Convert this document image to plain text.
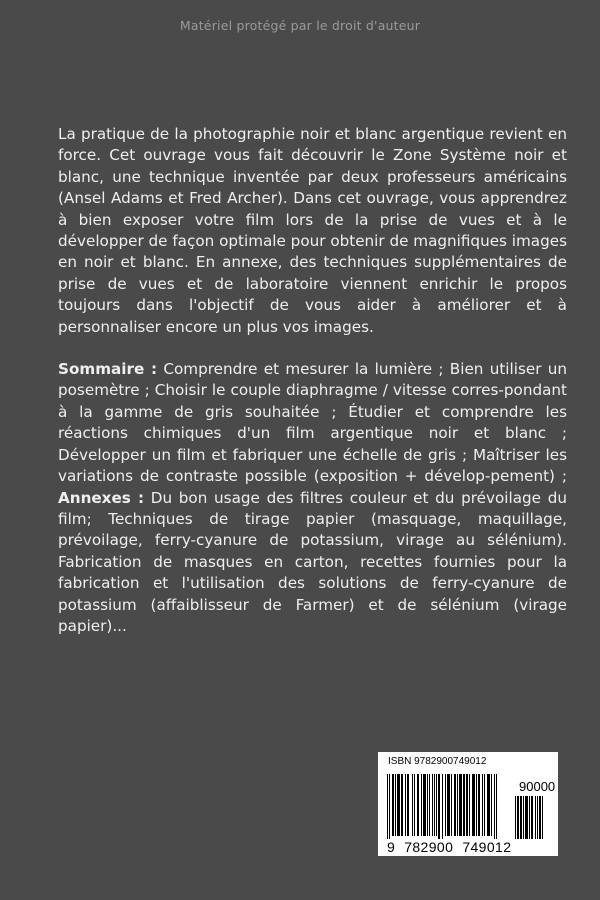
Matériel protégé par le droit d'auteur

La pratique de la photographie noir et blanc argentique revient en force. Cet ouvrage vous fait découvrir le Zone Système noir et blanc, une technique inventée par deux professeurs américains (Ansel Adams et Fred Archer). Dans cet ouvrage, vous apprendrez à bien exposer votre film lors de la prise de vues et à le développer de façon optimale pour obtenir de magnifiques images en noir et blanc. En annexe, des techniques supplémentaires de prise de vues et de laboratoire viennent enrichir le propos toujours dans l'objectif de vous aider à améliorer et à personnaliser encore un plus vos images.

Sommaire : Comprendre et mesurer la lumière ; Bien utiliser un posemètre ; Choisir le couple diaphragme / vitesse corres-pondant à la gamme de gris souhaitée ; Étudier et comprendre les réactions chimiques d'un film argentique noir et blanc ; Développer un film et fabriquer une échelle de gris ; Maîtriser les variations de contraste possible (exposition + dévelop-pement) ; Annexes : Du bon usage des filtres couleur et du prévoilage du film; Techniques de tirage papier (masquage, maquillage, prévoilage, ferry-cyanure de potassium, virage au sélénium). Fabrication de masques en carton, recettes fournies pour la fabrication et l'utilisation des solutions de ferry-cyanure de potassium (affaiblisseur de Farmer) et de sélénium (virage papier)...

ISBN 9782900749012
90000
9 782900 749012
